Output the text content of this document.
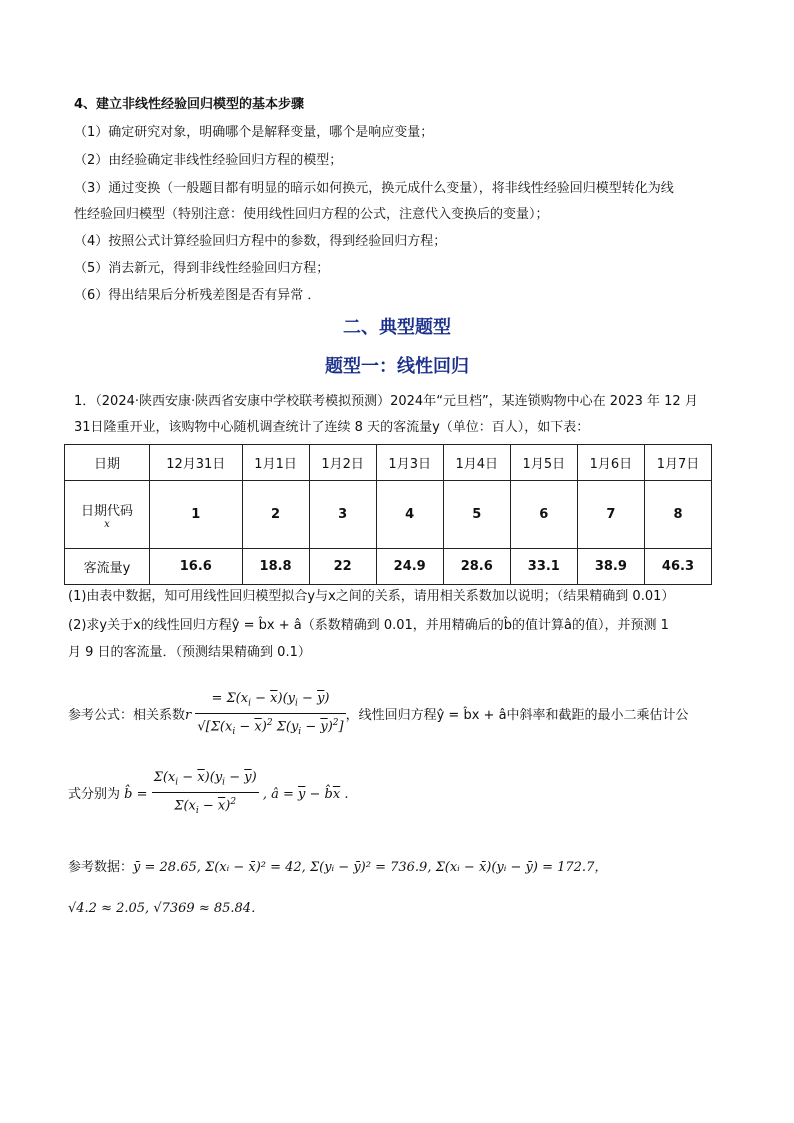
4、建立非线性经验回归模型的基本步骤
（1）确定研究对象，明确哪个是解释变量，哪个是响应变量；
（2）由经验确定非线性经验回归方程的模型；
（3）通过变换（一般题目都有明显的暗示如何换元，换元成什么变量），将非线性经验回归模型转化为线
性经验回归模型（特别注意：使用线性回归方程的公式，注意代入变换后的变量）；
（4）按照公式计算经验回归方程中的参数，得到经验回归方程；
（5）消去新元，得到非线性经验回归方程；
（6）得出结果后分析残差图是否有异常 ．
二、典型题型
题型一：线性回归
1．（2024·陕西安康·陕西省安康中学校联考模拟预测）2024年“元旦档”，某连锁购物中心在 2023 年 12 月
31日隆重开业，该购物中心随机调查统计了连续 8 天的客流量y（单位：百人），如下表：
日期	12月31日	1月1日	1月2日	1月3日	1月4日	1月5日	1月6日	1月7日

日期代码
x	1	2	3	4	5	6	7	8
客流量y	16.6	18.8	22	24.9	28.6	33.1	38.9	46.3
(1)由表中数据，知可用线性回归模型拟合y与x之间的关系，请用相关系数加以说明；（结果精确到 0.01）
(2)求y关于x的线性回归方程ŷ = b̂x + â（系数精确到 0.01，并用精确后的b̂的值计算â的值），并预测 1
月 9 日的客流量．（预测结果精确到 0.1）
参考公式：相关系数r $\frac{= \Sigma(x_i - \overline{x})(y_i - \overline{y})}{√[\Sigma(x_i - \overline{x})^2 \Sigma(y_i - \overline{y})^2]}$ ，线性回归方程ŷ = b̂x + â中斜率和截距的最小二乘估计公
式分别为 b̂ = $\frac{\Sigma(x_i - \overline{x})(y_i - \overline{y})}{\Sigma(x_i - \overline{x})^2}$ , â = $\overline{y}$ − $b̂\overline{x}$ .
参考数据：ȳ = 28.65, Σ(xᵢ − x̄)² = 42, Σ(yᵢ − ȳ)² = 736.9, Σ(xᵢ − x̄)(yᵢ − ȳ) = 172.7，
√4.2 ≈ 2.05, √7369 ≈ 85.84．
